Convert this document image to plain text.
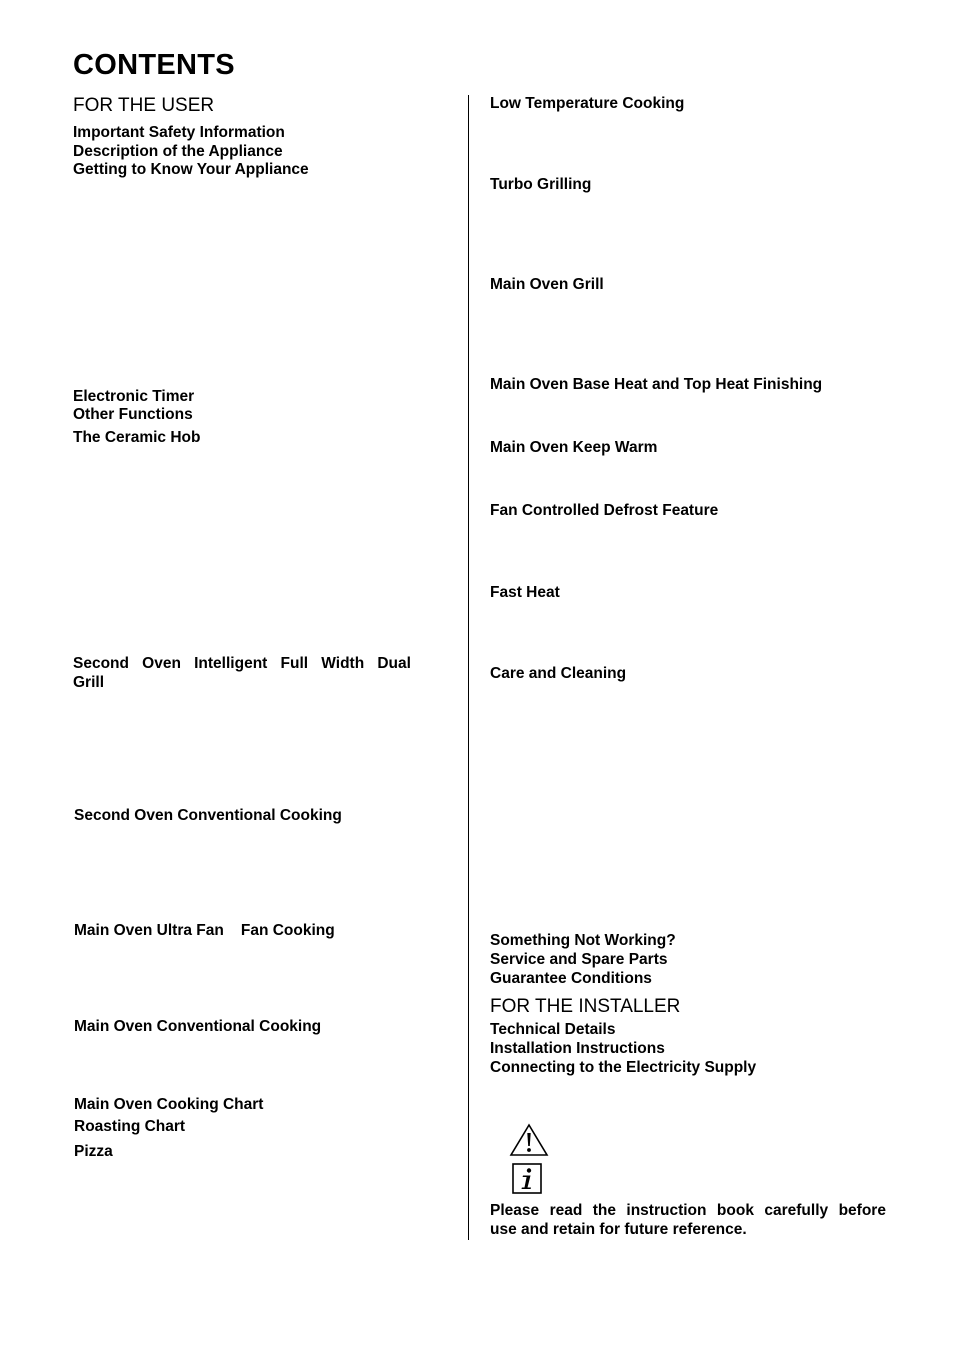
CONTENTS
FOR THE USER
Important Safety Information
Description of the Appliance
Getting to Know Your Appliance
Electronic Timer
Other Functions
The Ceramic Hob
Second Oven Intelligent Full Width Dual
Grill
Second Oven Conventional Cooking
Main Oven Ultra Fan Fan Cooking
Main Oven Conventional Cooking
Main Oven Cooking Chart
Roasting Chart
Pizza
Low Temperature Cooking
Turbo Grilling
Main Oven Grill
Main Oven Base Heat and Top Heat Finishing
Main Oven Keep Warm
Fan Controlled Defrost Feature
Fast Heat
Care and Cleaning
Something Not Working?
Service and Spare Parts
Guarantee Conditions
FOR THE INSTALLER
Technical Details
Installation Instructions
Connecting to the Electricity Supply
Please read the instruction book carefully before
use and retain for future reference.
